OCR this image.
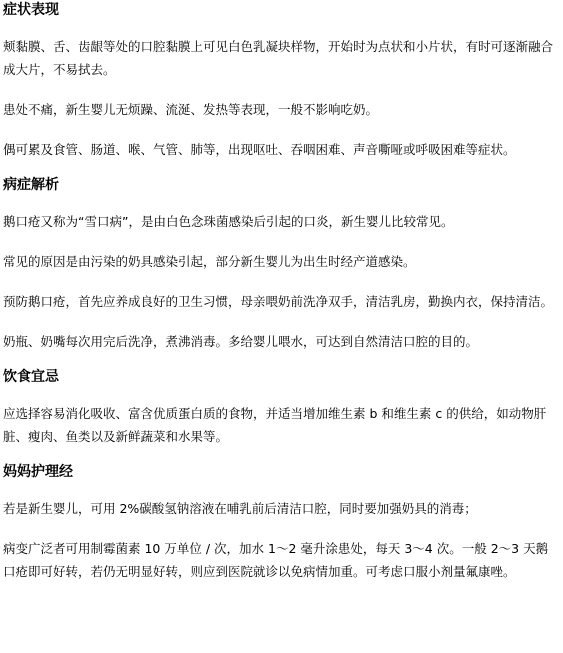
症状表现

颊黏膜、舌、齿龈等处的口腔黏膜上可见白色乳凝块样物，开始时为点状和小片状，有时可逐渐融合成大片，不易拭去。

患处不痛，新生婴儿无烦躁、流涎、发热等表现，一般不影响吃奶。

偶可累及食管、肠道、喉、气管、肺等，出现呕吐、吞咽困难、声音嘶哑或呼吸困难等症状。

病症解析

鹅口疮又称为“雪口病”，是由白色念珠菌感染后引起的口炎，新生婴儿比较常见。

常见的原因是由污染的奶具感染引起，部分新生婴儿为出生时经产道感染。

预防鹅口疮，首先应养成良好的卫生习惯，母亲喂奶前洗净双手，清洁乳房，勤换内衣，保持清洁。

奶瓶、奶嘴每次用完后洗净，煮沸消毒。多给婴儿喂水，可达到自然清洁口腔的目的。

饮食宜忌

应选择容易消化吸收、富含优质蛋白质的食物，并适当增加维生素 b 和维生素 c 的供给，如动物肝脏、瘦肉、鱼类以及新鲜蔬菜和水果等。

妈妈护理经

若是新生婴儿，可用 2%碳酸氢钠溶液在哺乳前后清洁口腔，同时要加强奶具的消毒；

病变广泛者可用制霉菌素 10 万单位 / 次，加水 1～2 毫升涂患处，每天 3～4 次。一般 2～3 天鹅口疮即可好转，若仍无明显好转，则应到医院就诊以免病情加重。可考虑口服小剂量氟康唑。
